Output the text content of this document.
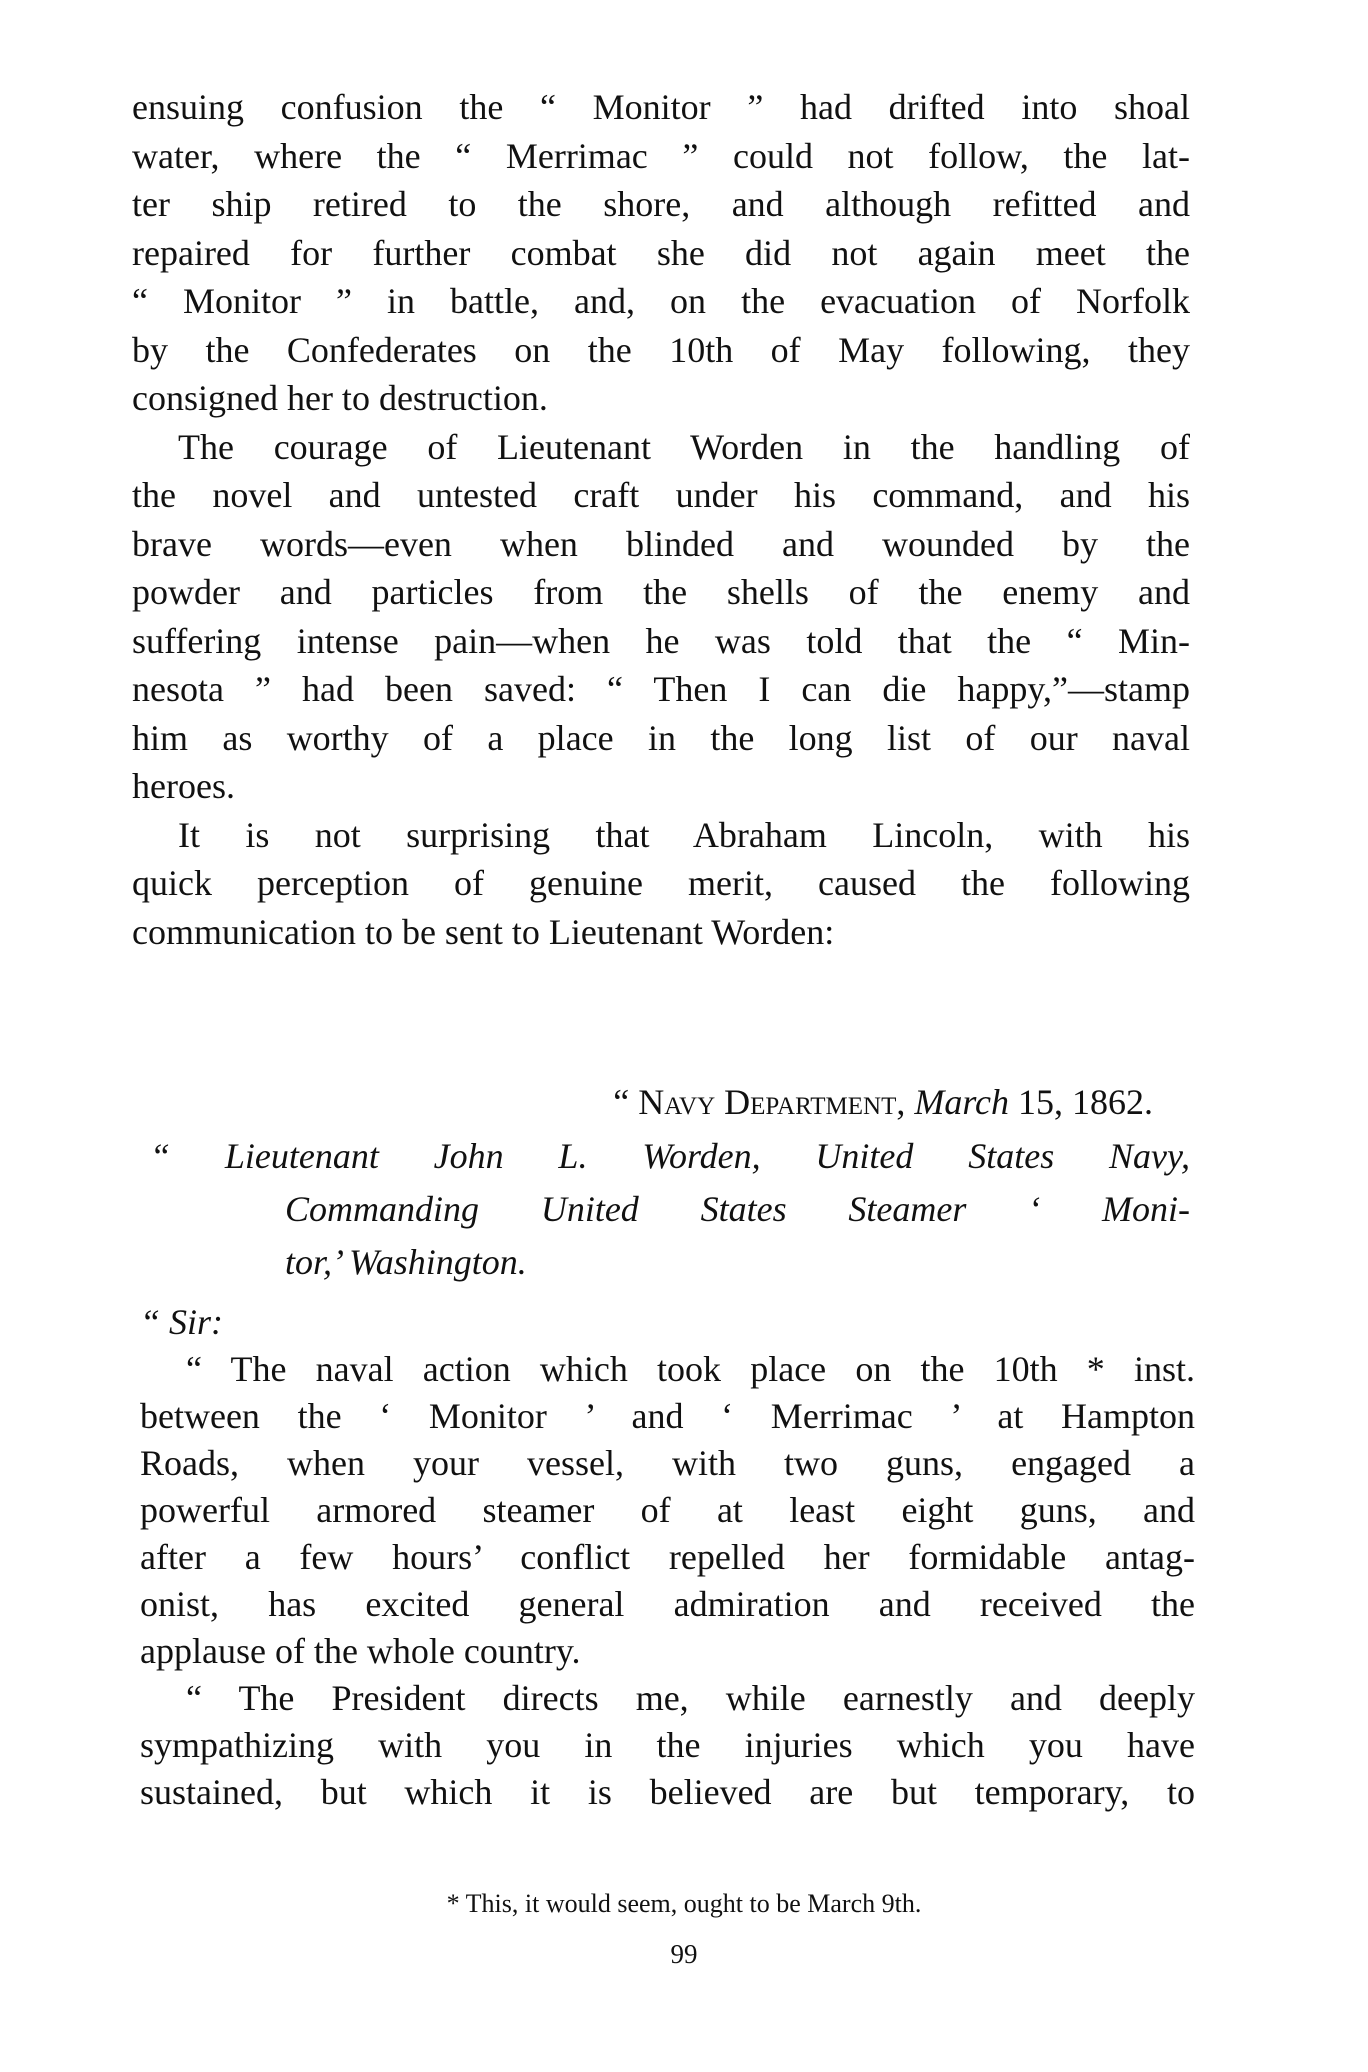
ensuing confusion the “ Monitor ” had drifted into shoal
water, where the “ Merrimac ” could not follow, the lat-
ter ship retired to the shore, and although refitted and
repaired for further combat she did not again meet the
“ Monitor ” in battle, and, on the evacuation of Norfolk
by the Confederates on the 10th of May following, they
consigned her to destruction.
The courage of Lieutenant Worden in the handling of
the novel and untested craft under his command, and his
brave words—even when blinded and wounded by the
powder and particles from the shells of the enemy and
suffering intense pain—when he was told that the “ Min-
nesota ” had been saved: “ Then I can die happy,”—stamp
him as worthy of a place in the long list of our naval
heroes.
It is not surprising that Abraham Lincoln, with his
quick perception of genuine merit, caused the following
communication to be sent to Lieutenant Worden:
“ Navy Department, March 15, 1862.
“ Lieutenant John L. Worden, United States Navy,
Commanding United States Steamer ‘ Moni-
tor,’ Washington.
“ Sir:
“ The naval action which took place on the 10th * inst.
between the ‘ Monitor ’ and ‘ Merrimac ’ at Hampton
Roads, when your vessel, with two guns, engaged a
powerful armored steamer of at least eight guns, and
after a few hours’ conflict repelled her formidable antag-
onist, has excited general admiration and received the
applause of the whole country.
“ The President directs me, while earnestly and deeply
sympathizing with you in the injuries which you have
sustained, but which it is believed are but temporary, to
* This, it would seem, ought to be March 9th.
99
